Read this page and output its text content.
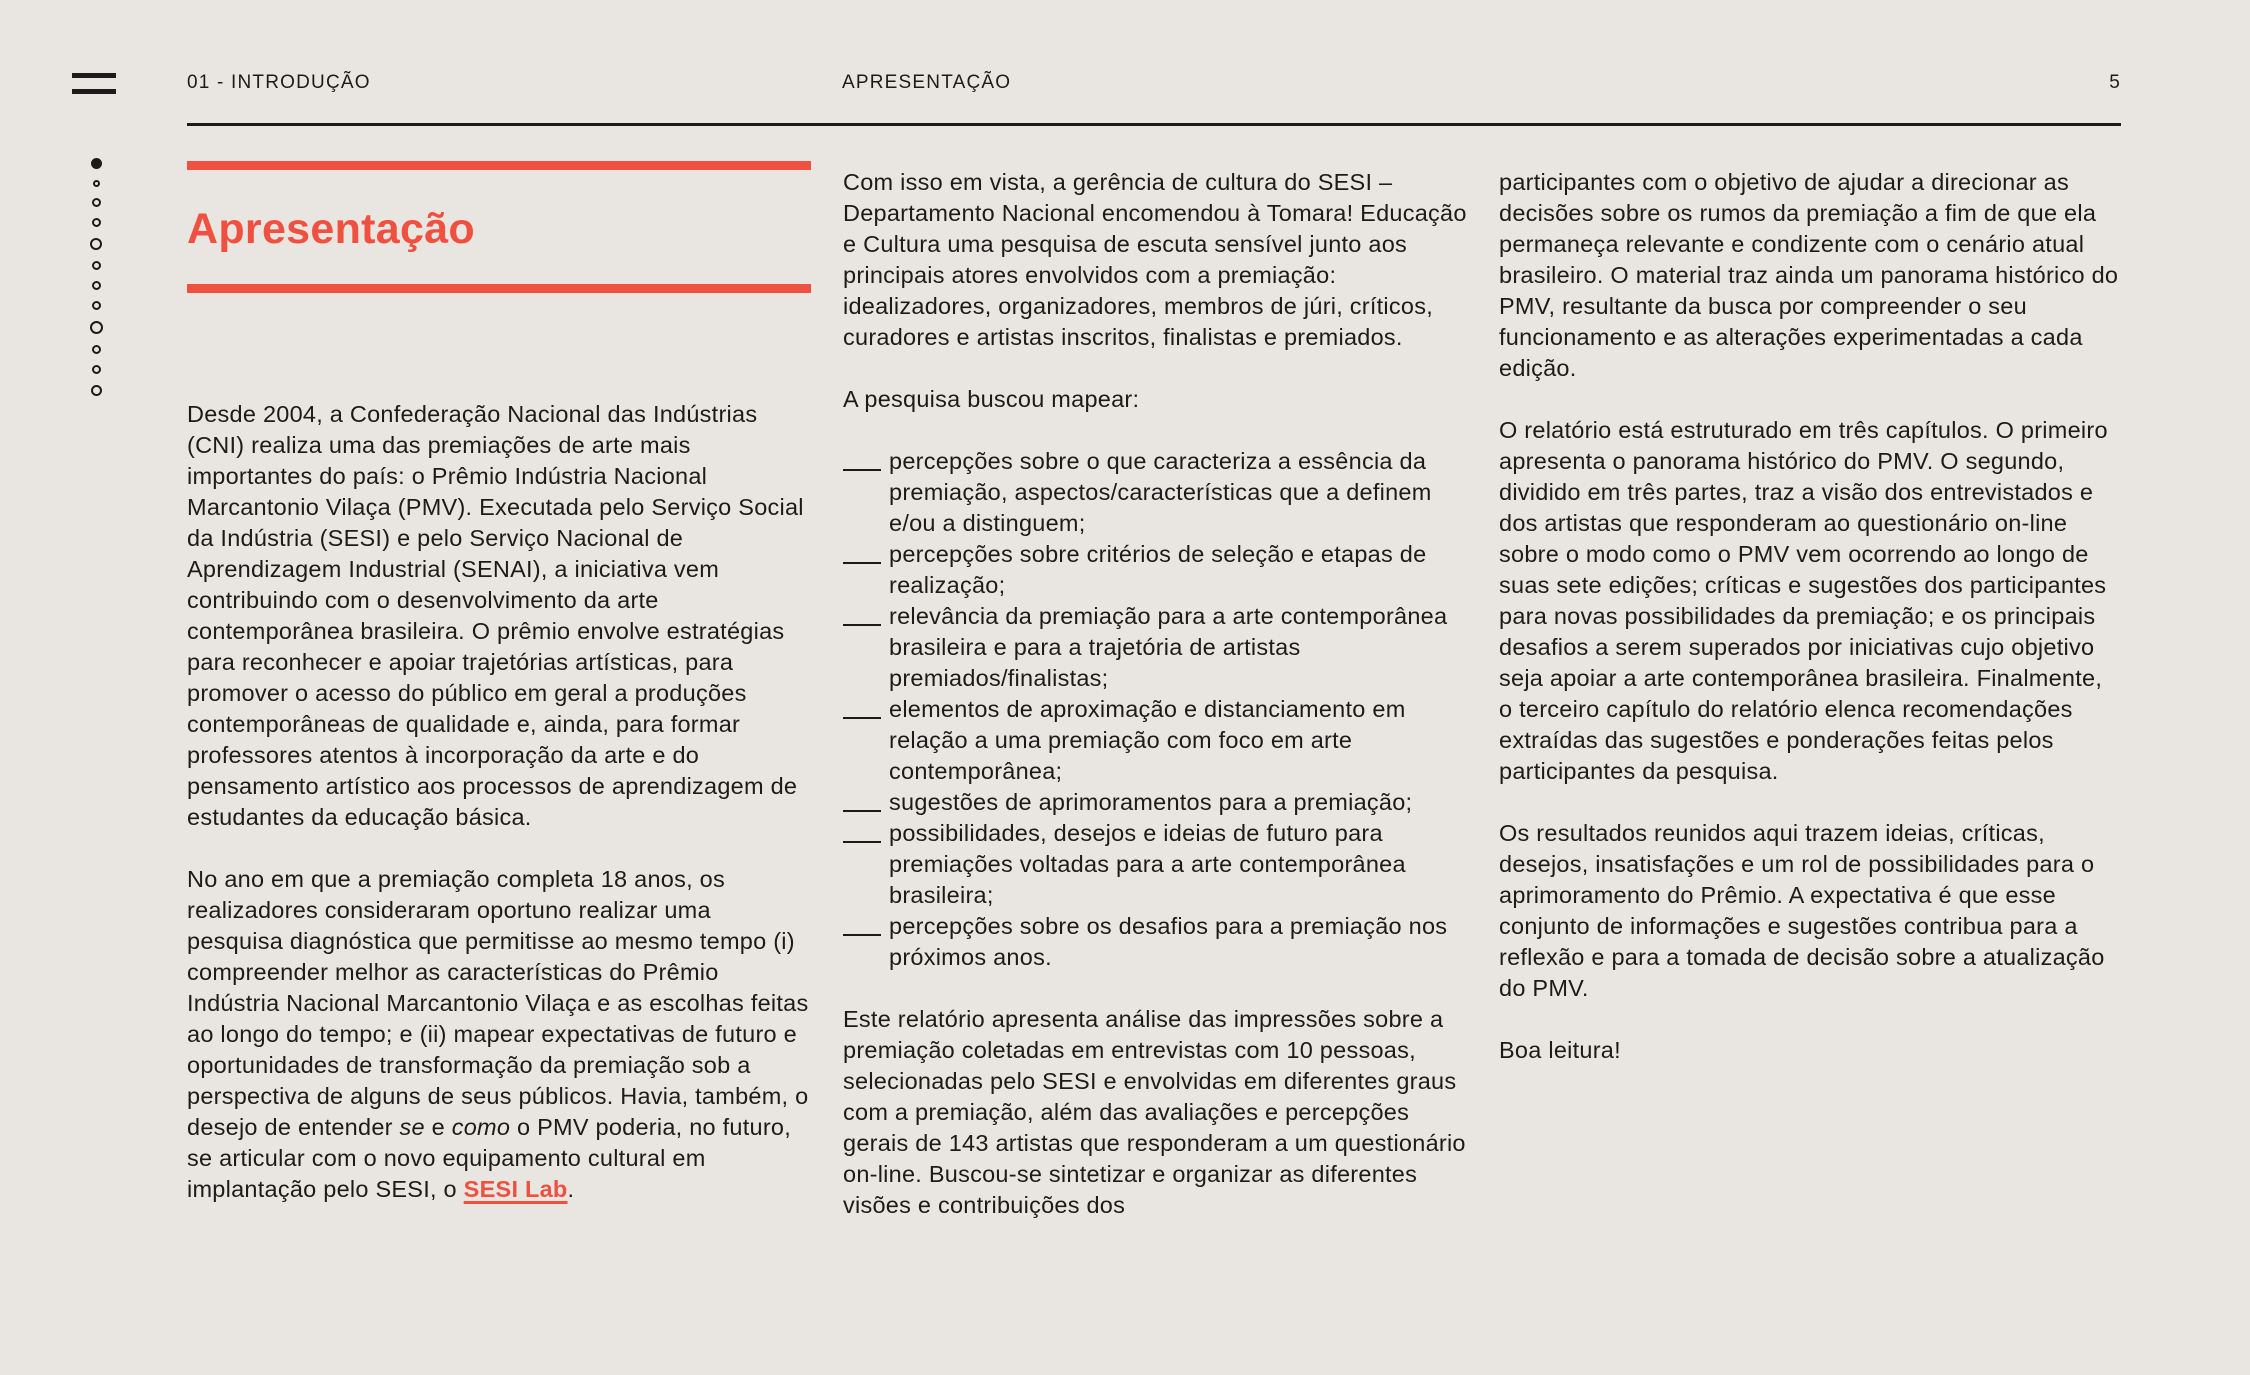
01 - INTRODUÇÃO	APRESENTAÇÃO	5
Apresentação

Desde 2004, a Confederação Nacional das Indústrias (CNI) realiza uma das premiações de arte mais importantes do país: o Prêmio Indústria Nacional Marcantonio Vilaça (PMV). Executada pelo Serviço Social da Indústria (SESI) e pelo Serviço Nacional de Aprendizagem Industrial (SENAI), a iniciativa vem contribuindo com o desenvolvimento da arte contemporânea brasileira. O prêmio envolve estratégias para reconhecer e apoiar trajetórias artísticas, para promover o acesso do público em geral a produções contemporâneas de qualidade e, ainda, para formar professores atentos à incorporação da arte e do pensamento artístico aos processos de aprendizagem de estudantes da educação básica.

No ano em que a premiação completa 18 anos, os realizadores consideraram oportuno realizar uma pesquisa diagnóstica que permitisse ao mesmo tempo (i) compreender melhor as características do Prêmio Indústria Nacional Marcantonio Vilaça e as escolhas feitas ao longo do tempo; e (ii) mapear expectativas de futuro e oportunidades de transformação da premiação sob a perspectiva de alguns de seus públicos. Havia, também, o desejo de entender se e como o PMV poderia, no futuro, se articular com o novo equipamento cultural em implantação pelo SESI, o SESI Lab.

Com isso em vista, a gerência de cultura do SESI – Departamento Nacional encomendou à Tomara! Educação e Cultura uma pesquisa de escuta sensível junto aos principais atores envolvidos com a premiação: idealizadores, organizadores, membros de júri, críticos, curadores e artistas inscritos, finalistas e premiados.

A pesquisa buscou mapear:

percepções sobre o que caracteriza a essência da premiação, aspectos/características que a definem e/ou a distinguem;
percepções sobre critérios de seleção e etapas de realização;
relevância da premiação para a arte contemporânea brasileira e para a trajetória de artistas premiados/finalistas;
elementos de aproximação e distanciamento em relação a uma premiação com foco em arte contemporânea;
sugestões de aprimoramentos para a premiação;
possibilidades, desejos e ideias de futuro para premiações voltadas para a arte contemporânea brasileira;
percepções sobre os desafios para a premiação nos próximos anos.

Este relatório apresenta análise das impressões sobre a premiação coletadas em entrevistas com 10 pessoas, selecionadas pelo SESI e envolvidas em diferentes graus com a premiação, além das avaliações e percepções gerais de 143 artistas que responderam a um questionário on-line. Buscou-se sintetizar e organizar as diferentes visões e contribuições dos

participantes com o objetivo de ajudar a direcionar as decisões sobre os rumos da premiação a fim de que ela permaneça relevante e condizente com o cenário atual brasileiro. O material traz ainda um panorama histórico do PMV, resultante da busca por compreender o seu funcionamento e as alterações experimentadas a cada edição.

O relatório está estruturado em três capítulos. O primeiro apresenta o panorama histórico do PMV. O segundo, dividido em três partes, traz a visão dos entrevistados e dos artistas que responderam ao questionário on-line sobre o modo como o PMV vem ocorrendo ao longo de suas sete edições; críticas e sugestões dos participantes para novas possibilidades da premiação; e os principais desafios a serem superados por iniciativas cujo objetivo seja apoiar a arte contemporânea brasileira. Finalmente, o terceiro capítulo do relatório elenca recomendações extraídas das sugestões e ponderações feitas pelos participantes da pesquisa.

Os resultados reunidos aqui trazem ideias, críticas, desejos, insatisfações e um rol de possibilidades para o aprimoramento do Prêmio. A expectativa é que esse conjunto de informações e sugestões contribua para a reflexão e para a tomada de decisão sobre a atualização do PMV.

Boa leitura!
